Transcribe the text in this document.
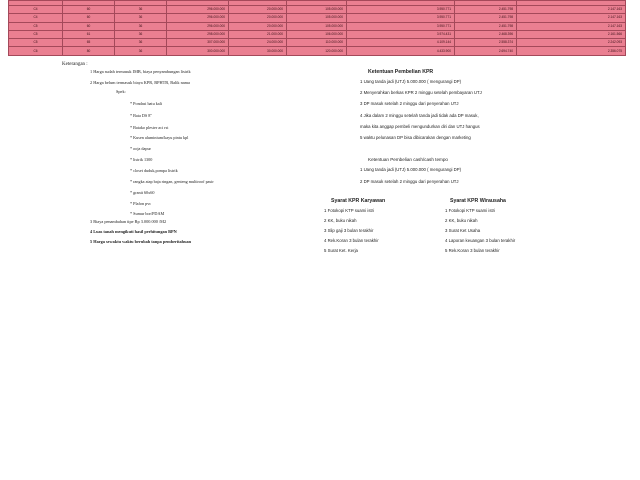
C4	60	36	296.000.000	20.000.000	105.000.000	3.950.771	2.451.798	2.147.163
C4	60	36	296.000.000	20.000.000	105.000.000	3.950.771	2.451.798	2.147.163
C5	60	36	296.000.000	20.000.000	105.000.000	3.950.771	2.451.798	2.147.163
C5	61	36	298.000.000	21.000.000	106.000.000	3.974.431	2.468.396	2.161.566
C5	65	36	307.000.000	24.000.000	110.000.000	4.109.144	2.558.374	2.242.093
C6	80	36	300.000.000	30.000.000	120.000.000	4.433.900	2.694.740	2.356.075
Keterangan :
1 Harga sudah termasuk IMB, biaya penyambungan listrik
2 Harga belum termasuk biaya KPR, BPHTB, Balik nama
Spek:
* Pondasi batu kali
* Bata DS 8"
* Batako plester aci rst
* Kusen aluminium/kayu pintu kpl
* ooja dapur
* listrik 1300
* closet duduk,pompa listrik
* rangka atap baja ringan, genteng multiroof pasir
* granit 60x60
* Plafon pvc
* Sumur bor/PDAM
3 Biaya penambahan tipe Rp 3.000.000 /M2
4 Luas tanah mengikuti hasil perhitungan BPN
5 Harga sewaktu waktu berubah tanpa pemberitahuan
Ketentuan Pembelian KPR
1 Uang tanda jadi (UTJ) 5.000.000 ( mengurangi DP)
2 Menyerahkan berkas KPR 2 minggu setelah pembayaran UTJ
3 DP masuk setelah 2 minggu dari penyerahan UTJ
4 Jika dalam 2 minggu setelah tanda jadi tidak ada DP masuk,
maka kita anggap pembeli mengundurkan diri dan UTJ hangus
5 waktu pelunasan DP bisa dibicarakan dengan marketing
Ketentuan Pembelian cash/cash tempo
1 Uang tanda jadi (UTJ) 5.000.000 ( mengurangi DP)
2 DP masuk setelah 2 minggu dari penyerahan UTJ
Syarat KPR Karyawan
1 Fotokopi KTP suami istri
2 KK, buku nikah
3 Slip gaji 3 bulan terakhir
4 Rek.Koran 3 bulan terakhir
5 Surat Ket. Kerja
Syarat KPR Wirausaha
1 Fotokopi KTP suami istri
2 KK, buku nikah
3 Surat Ket Usaha
4 Laporan keuangan 3 bulan terakhir
5 Rek.Koran 3 bulan terakhir
